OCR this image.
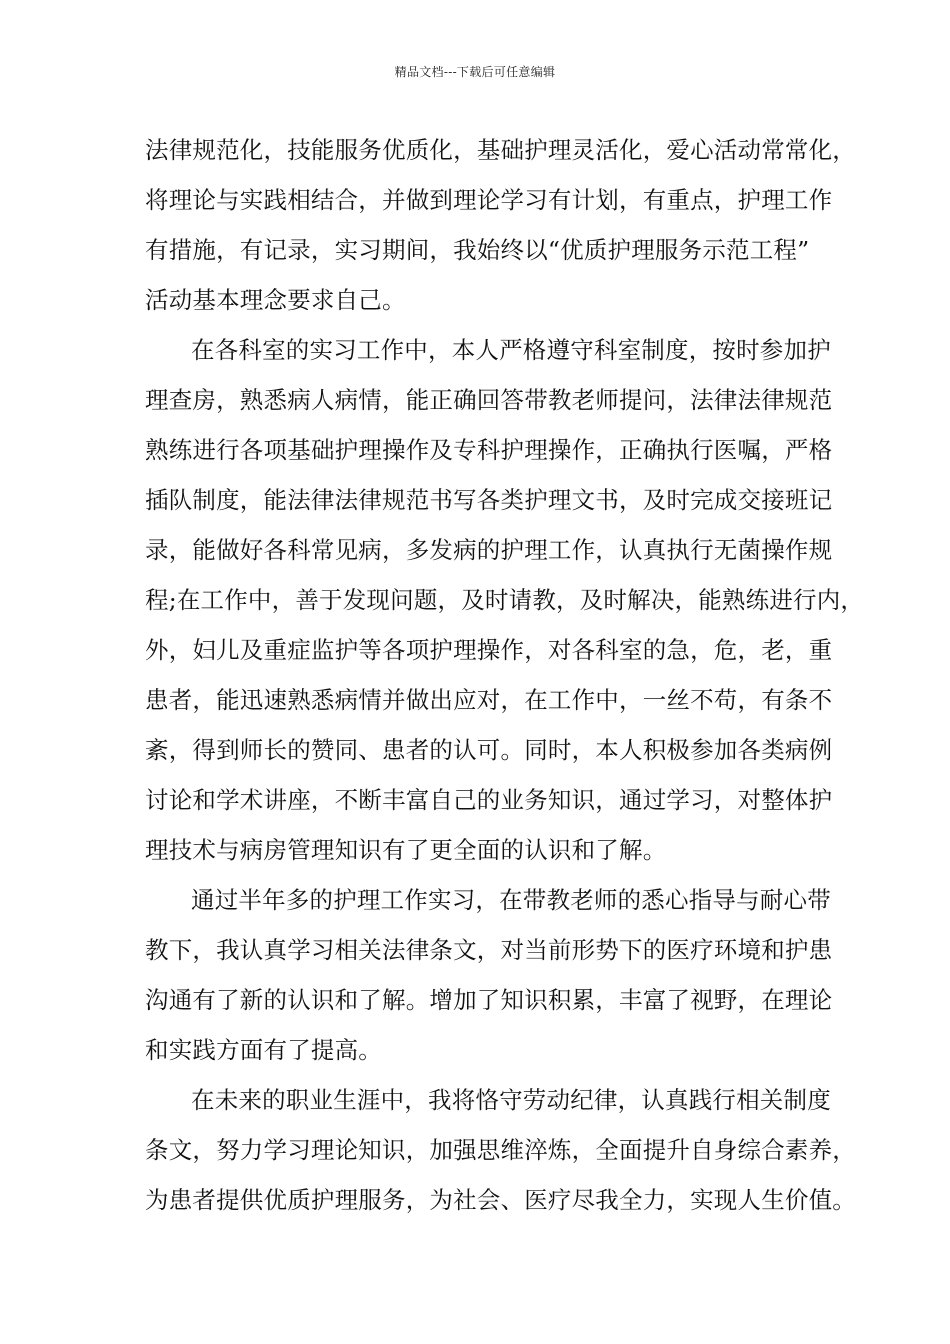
精品文档---下载后可任意编辑
法律规范化，技能服务优质化，基础护理灵活化，爱心活动常常化，
将理论与实践相结合，并做到理论学习有计划，有重点，护理工作
有措施，有记录，实习期间，我始终以“优质护理服务示范工程”
活动基本理念要求自己。
在各科室的实习工作中，本人严格遵守科室制度，按时参加护
理查房，熟悉病人病情，能正确回答带教老师提问，法律法律规范
熟练进行各项基础护理操作及专科护理操作，正确执行医嘱，严格
插队制度，能法律法律规范书写各类护理文书，及时完成交接班记
录，能做好各科常见病，多发病的护理工作，认真执行无菌操作规
程;在工作中，善于发现问题，及时请教，及时解决，能熟练进行内，
外，妇儿及重症监护等各项护理操作，对各科室的急，危，老，重
患者，能迅速熟悉病情并做出应对，在工作中，一丝不苟，有条不
紊，得到师长的赞同、患者的认可。同时，本人积极参加各类病例
讨论和学术讲座，不断丰富自己的业务知识，通过学习，对整体护
理技术与病房管理知识有了更全面的认识和了解。
通过半年多的护理工作实习，在带教老师的悉心指导与耐心带
教下，我认真学习相关法律条文，对当前形势下的医疗环境和护患
沟通有了新的认识和了解。增加了知识积累，丰富了视野，在理论
和实践方面有了提高。
在未来的职业生涯中，我将恪守劳动纪律，认真践行相关制度
条文，努力学习理论知识，加强思维淬炼，全面提升自身综合素养，
为患者提供优质护理服务，为社会、医疗尽我全力，实现人生价值。
